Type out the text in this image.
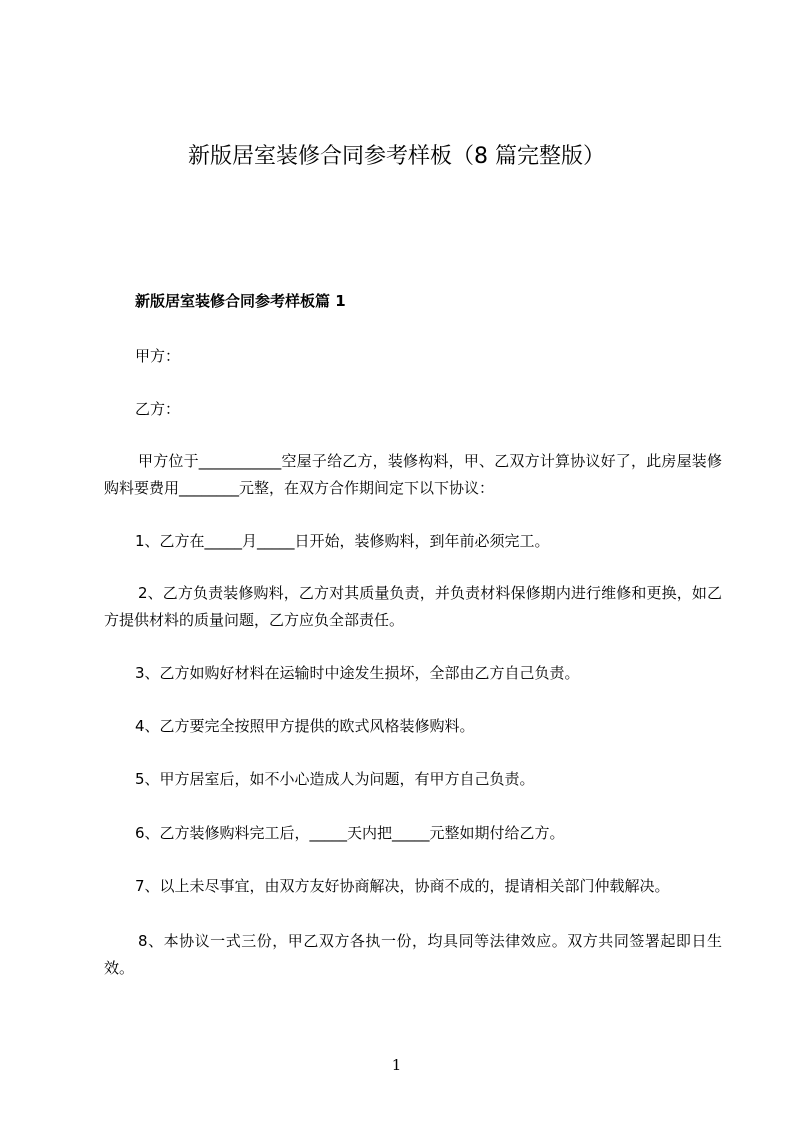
新版居室装修合同参考样板（8 篇完整版）
新版居室装修合同参考样板篇 1
甲方：
乙方：
甲方位于___________空屋子给乙方，装修构料，甲、乙双方计算协议好了，此房屋装修购料要费用________元整，在双方合作期间定下以下协议：
1、乙方在_____月_____日开始，装修购料，到年前必须完工。
2、乙方负责装修购料，乙方对其质量负责，并负责材料保修期内进行维修和更换，如乙方提供材料的质量问题，乙方应负全部责任。
3、乙方如购好材料在运输时中途发生损坏，全部由乙方自己负责。
4、乙方要完全按照甲方提供的欧式风格装修购料。
5、甲方居室后，如不小心造成人为问题，有甲方自己负责。
6、乙方装修购料完工后，_____天内把_____元整如期付给乙方。
7、以上未尽事宜，由双方友好协商解决，协商不成的，提请相关部门仲载解决。
8、本协议一式三份，甲乙双方各执一份，均具同等法律效应。双方共同签署起即日生效。
1
